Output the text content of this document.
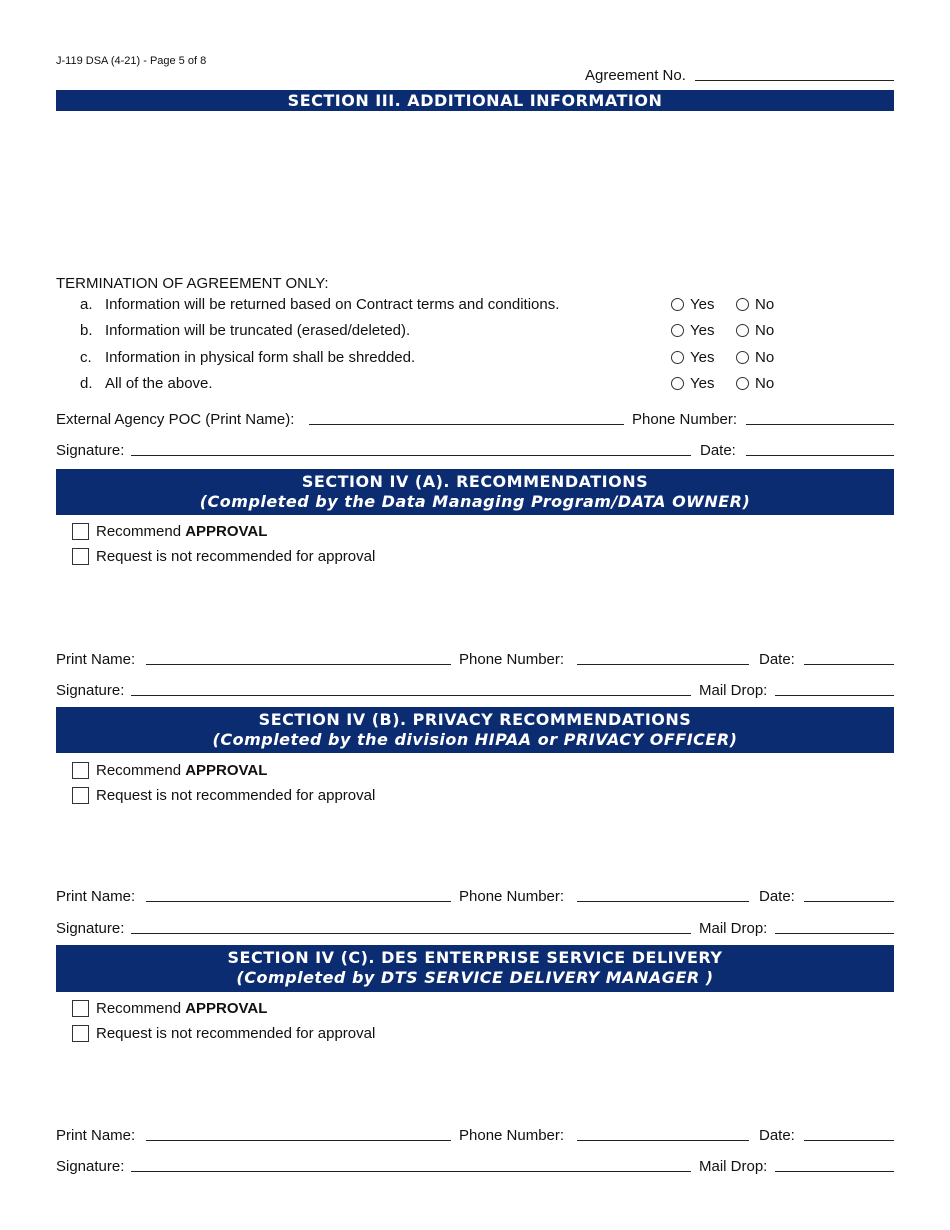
J-119 DSA (4-21) - Page 5 of 8
Agreement No.
SECTION III. ADDITIONAL INFORMATION
TERMINATION OF AGREEMENT ONLY:
a. Information will be returned based on Contract terms and conditions.	Yes	No
b. Information will be truncated (erased/deleted).	Yes	No
c. Information in physical form shall be shredded.	Yes	No
d. All of the above.	Yes	No
External Agency POC (Print Name):	Phone Number:
Signature:	Date:
SECTION IV (A). RECOMMENDATIONS
(Completed by the Data Managing Program/DATA OWNER)
Recommend APPROVAL
Request is not recommended for approval
Print Name:	Phone Number:	Date:
Signature:	Mail Drop:
SECTION IV (B). PRIVACY RECOMMENDATIONS
(Completed by the division HIPAA or PRIVACY OFFICER)
Recommend APPROVAL
Request is not recommended for approval
Print Name:	Phone Number:	Date:
Signature:	Mail Drop:
SECTION IV (C). DES ENTERPRISE SERVICE DELIVERY
(Completed by DTS SERVICE DELIVERY MANAGER )
Recommend APPROVAL
Request is not recommended for approval
Print Name:	Phone Number:	Date:
Signature:	Mail Drop:
